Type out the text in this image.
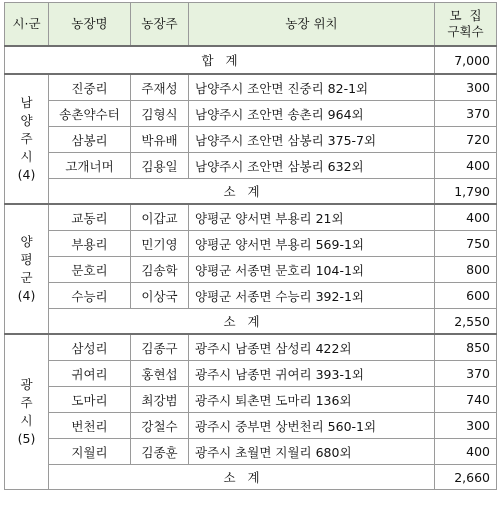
시·군	농장명	농장주	농장 위치	모  집
구획수

합   계				7,000

남
양
주
시
(4)	진중리	주재성	남양주시 조안면 진중리 82-1외	300
	송촌약수터	김형식	남양주시 조안면 송촌리 964외	370
	삼봉리	박유배	남양주시 조안면 삼봉리 375-7외	720
	고개너머	김용일	남양주시 조안면 삼봉리 632외	400
	소   계			1,790

양
평
군
(4)	교동리	이갑교	양평군 양서면 부용리 21외	400
	부용리	민기영	양평군 양서면 부용리 569-1외	750
	문호리	김송학	양평군 서종면 문호리 104-1외	800
	수능리	이상국	양평군 서종면 수능리 392-1외	600
	소   계			2,550

광
주
시
(5)	삼성리	김종구	광주시 남종면 삼성리 422외	850
	귀여리	홍현섭	광주시 남종면 귀여리 393-1외	370
	도마리	최강범	광주시 퇴촌면 도마리 136외	740
	번천리	강철수	광주시 중부면 상번천리 560-1외	300
	지월리	김종훈	광주시 초월면 지월리 680외	400
	소   계			2,660
